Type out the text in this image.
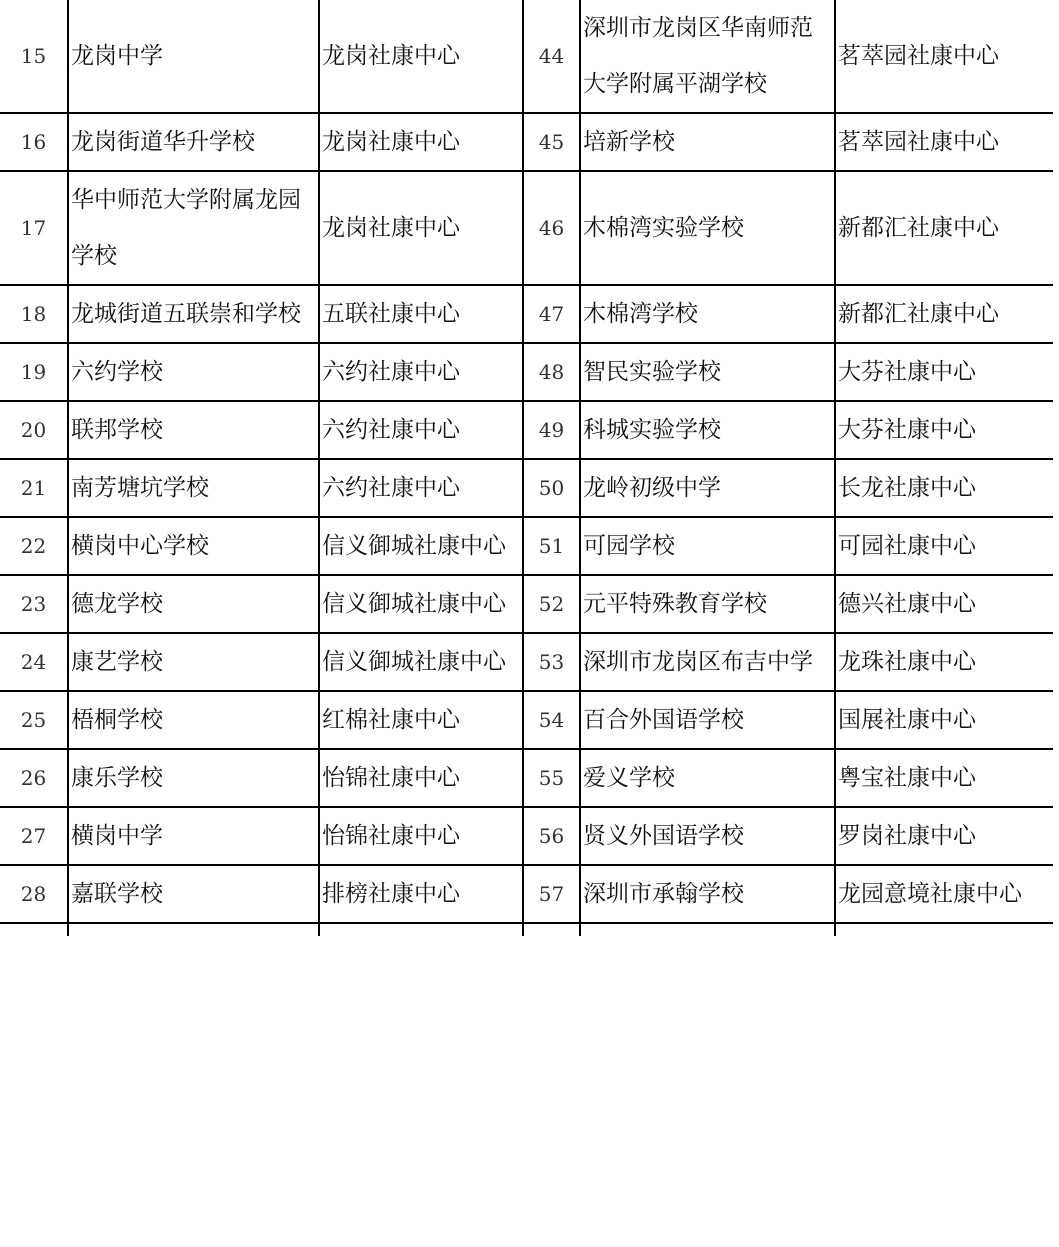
15	龙岗中学	龙岗社康中心	44	深圳市龙岗区华南师范大学附属平湖学校	茗萃园社康中心
16	龙岗街道华升学校	龙岗社康中心	45	培新学校	茗萃园社康中心
17	华中师范大学附属龙园学校	龙岗社康中心	46	木棉湾实验学校	新都汇社康中心
18	龙城街道五联崇和学校	五联社康中心	47	木棉湾学校	新都汇社康中心
19	六约学校	六约社康中心	48	智民实验学校	大芬社康中心
20	联邦学校	六约社康中心	49	科城实验学校	大芬社康中心
21	南芳塘坑学校	六约社康中心	50	龙岭初级中学	长龙社康中心
22	横岗中心学校	信义御城社康中心	51	可园学校	可园社康中心
23	德龙学校	信义御城社康中心	52	元平特殊教育学校	德兴社康中心
24	康艺学校	信义御城社康中心	53	深圳市龙岗区布吉中学	龙珠社康中心
25	梧桐学校	红棉社康中心	54	百合外国语学校	国展社康中心
26	康乐学校	怡锦社康中心	55	爱义学校	粤宝社康中心
27	横岗中学	怡锦社康中心	56	贤义外国语学校	罗岗社康中心
28	嘉联学校	排榜社康中心	57	深圳市承翰学校	龙园意境社康中心
